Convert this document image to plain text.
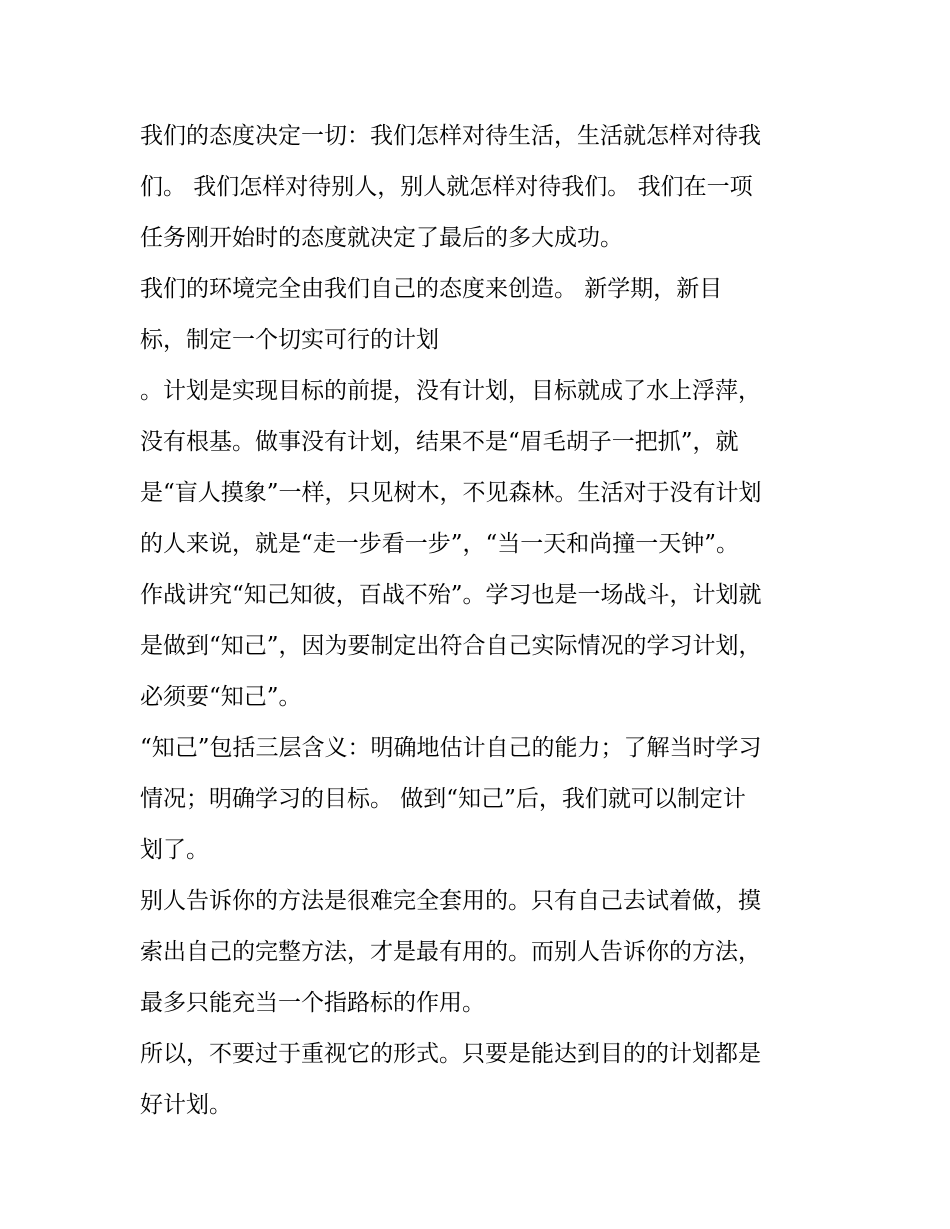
我们的态度决定一切：我们怎样对待生活，生活就怎样对待我
们。 我们怎样对待别人，别人就怎样对待我们。 我们在一项
任务刚开始时的态度就决定了最后的多大成功。
我们的环境完全由我们自己的态度来创造。 新学期，新目
标，制定一个切实可行的计划
。计划是实现目标的前提，没有计划，目标就成了水上浮萍，
没有根基。做事没有计划，结果不是“眉毛胡子一把抓”，就
是“盲人摸象”一样，只见树木，不见森林。生活对于没有计划
的人来说，就是“走一步看一步”，“当一天和尚撞一天钟”。
作战讲究“知己知彼，百战不殆”。学习也是一场战斗，计划就
是做到“知己”，因为要制定出符合自己实际情况的学习计划，
必须要“知己”。
“知己”包括三层含义：明确地估计自己的能力；了解当时学习
情况；明确学习的目标。 做到“知己”后，我们就可以制定计
划了。
别人告诉你的方法是很难完全套用的。只有自己去试着做，摸
索出自己的完整方法，才是最有用的。而别人告诉你的方法，
最多只能充当一个指路标的作用。
所以，不要过于重视它的形式。只要是能达到目的的计划都是
好计划。
